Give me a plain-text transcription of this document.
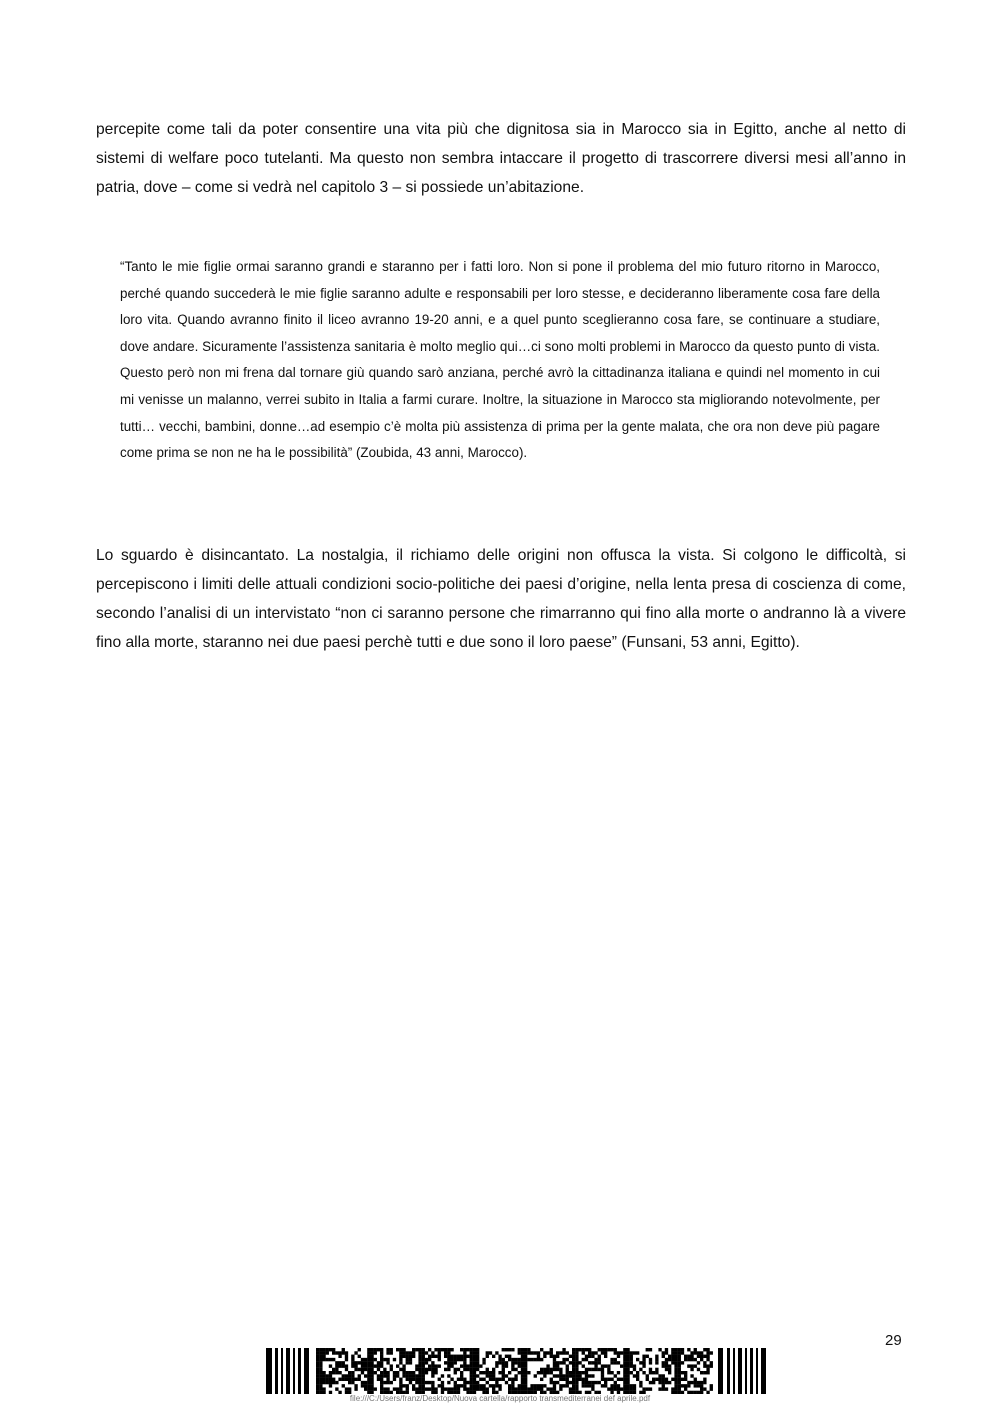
percepite come tali da poter consentire una vita più che dignitosa sia in Marocco sia in Egitto, anche al netto di sistemi di welfare poco tutelanti. Ma questo non sembra intaccare il progetto di trascorrere diversi mesi all’anno in patria, dove – come si vedrà nel capitolo 3 – si possiede un’abitazione.

“Tanto le mie figlie ormai saranno grandi e staranno per i fatti loro. Non si pone il problema del mio futuro ritorno in Marocco, perché quando succederà le mie figlie saranno adulte e responsabili per loro stesse, e decideranno liberamente cosa fare della loro vita. Quando avranno finito il liceo avranno 19-20 anni, e a quel punto sceglieranno cosa fare, se continuare a studiare, dove andare. Sicuramente l’assistenza sanitaria è molto meglio qui…ci sono molti problemi in Marocco da questo punto di vista. Questo però non mi frena dal tornare giù quando sarò anziana, perché avrò la cittadinanza italiana e quindi nel momento in cui mi venisse un malanno, verrei subito in Italia a farmi curare. Inoltre, la situazione in Marocco sta migliorando notevolmente, per tutti… vecchi, bambini, donne…ad esempio c’è molta più assistenza di prima per la gente malata, che ora non deve più pagare come prima se non ne ha le possibilità” (Zoubida, 43 anni, Marocco).

Lo sguardo è disincantato. La nostalgia, il richiamo delle origini non offusca la vista. Si colgono le difficoltà, si percepiscono i limiti delle attuali condizioni socio-politiche dei paesi d’origine, nella lenta presa di coscienza di come, secondo l’analisi di un intervistato “non ci saranno persone che rimarranno qui fino alla morte o andranno là a vivere fino alla morte, staranno nei due paesi perchè tutti e due sono il loro paese” (Funsani, 53 anni, Egitto).

29
file:///C:/Users/franz/Desktop/Nuova cartella/rapporto transmediterranei def aprile.pdf
